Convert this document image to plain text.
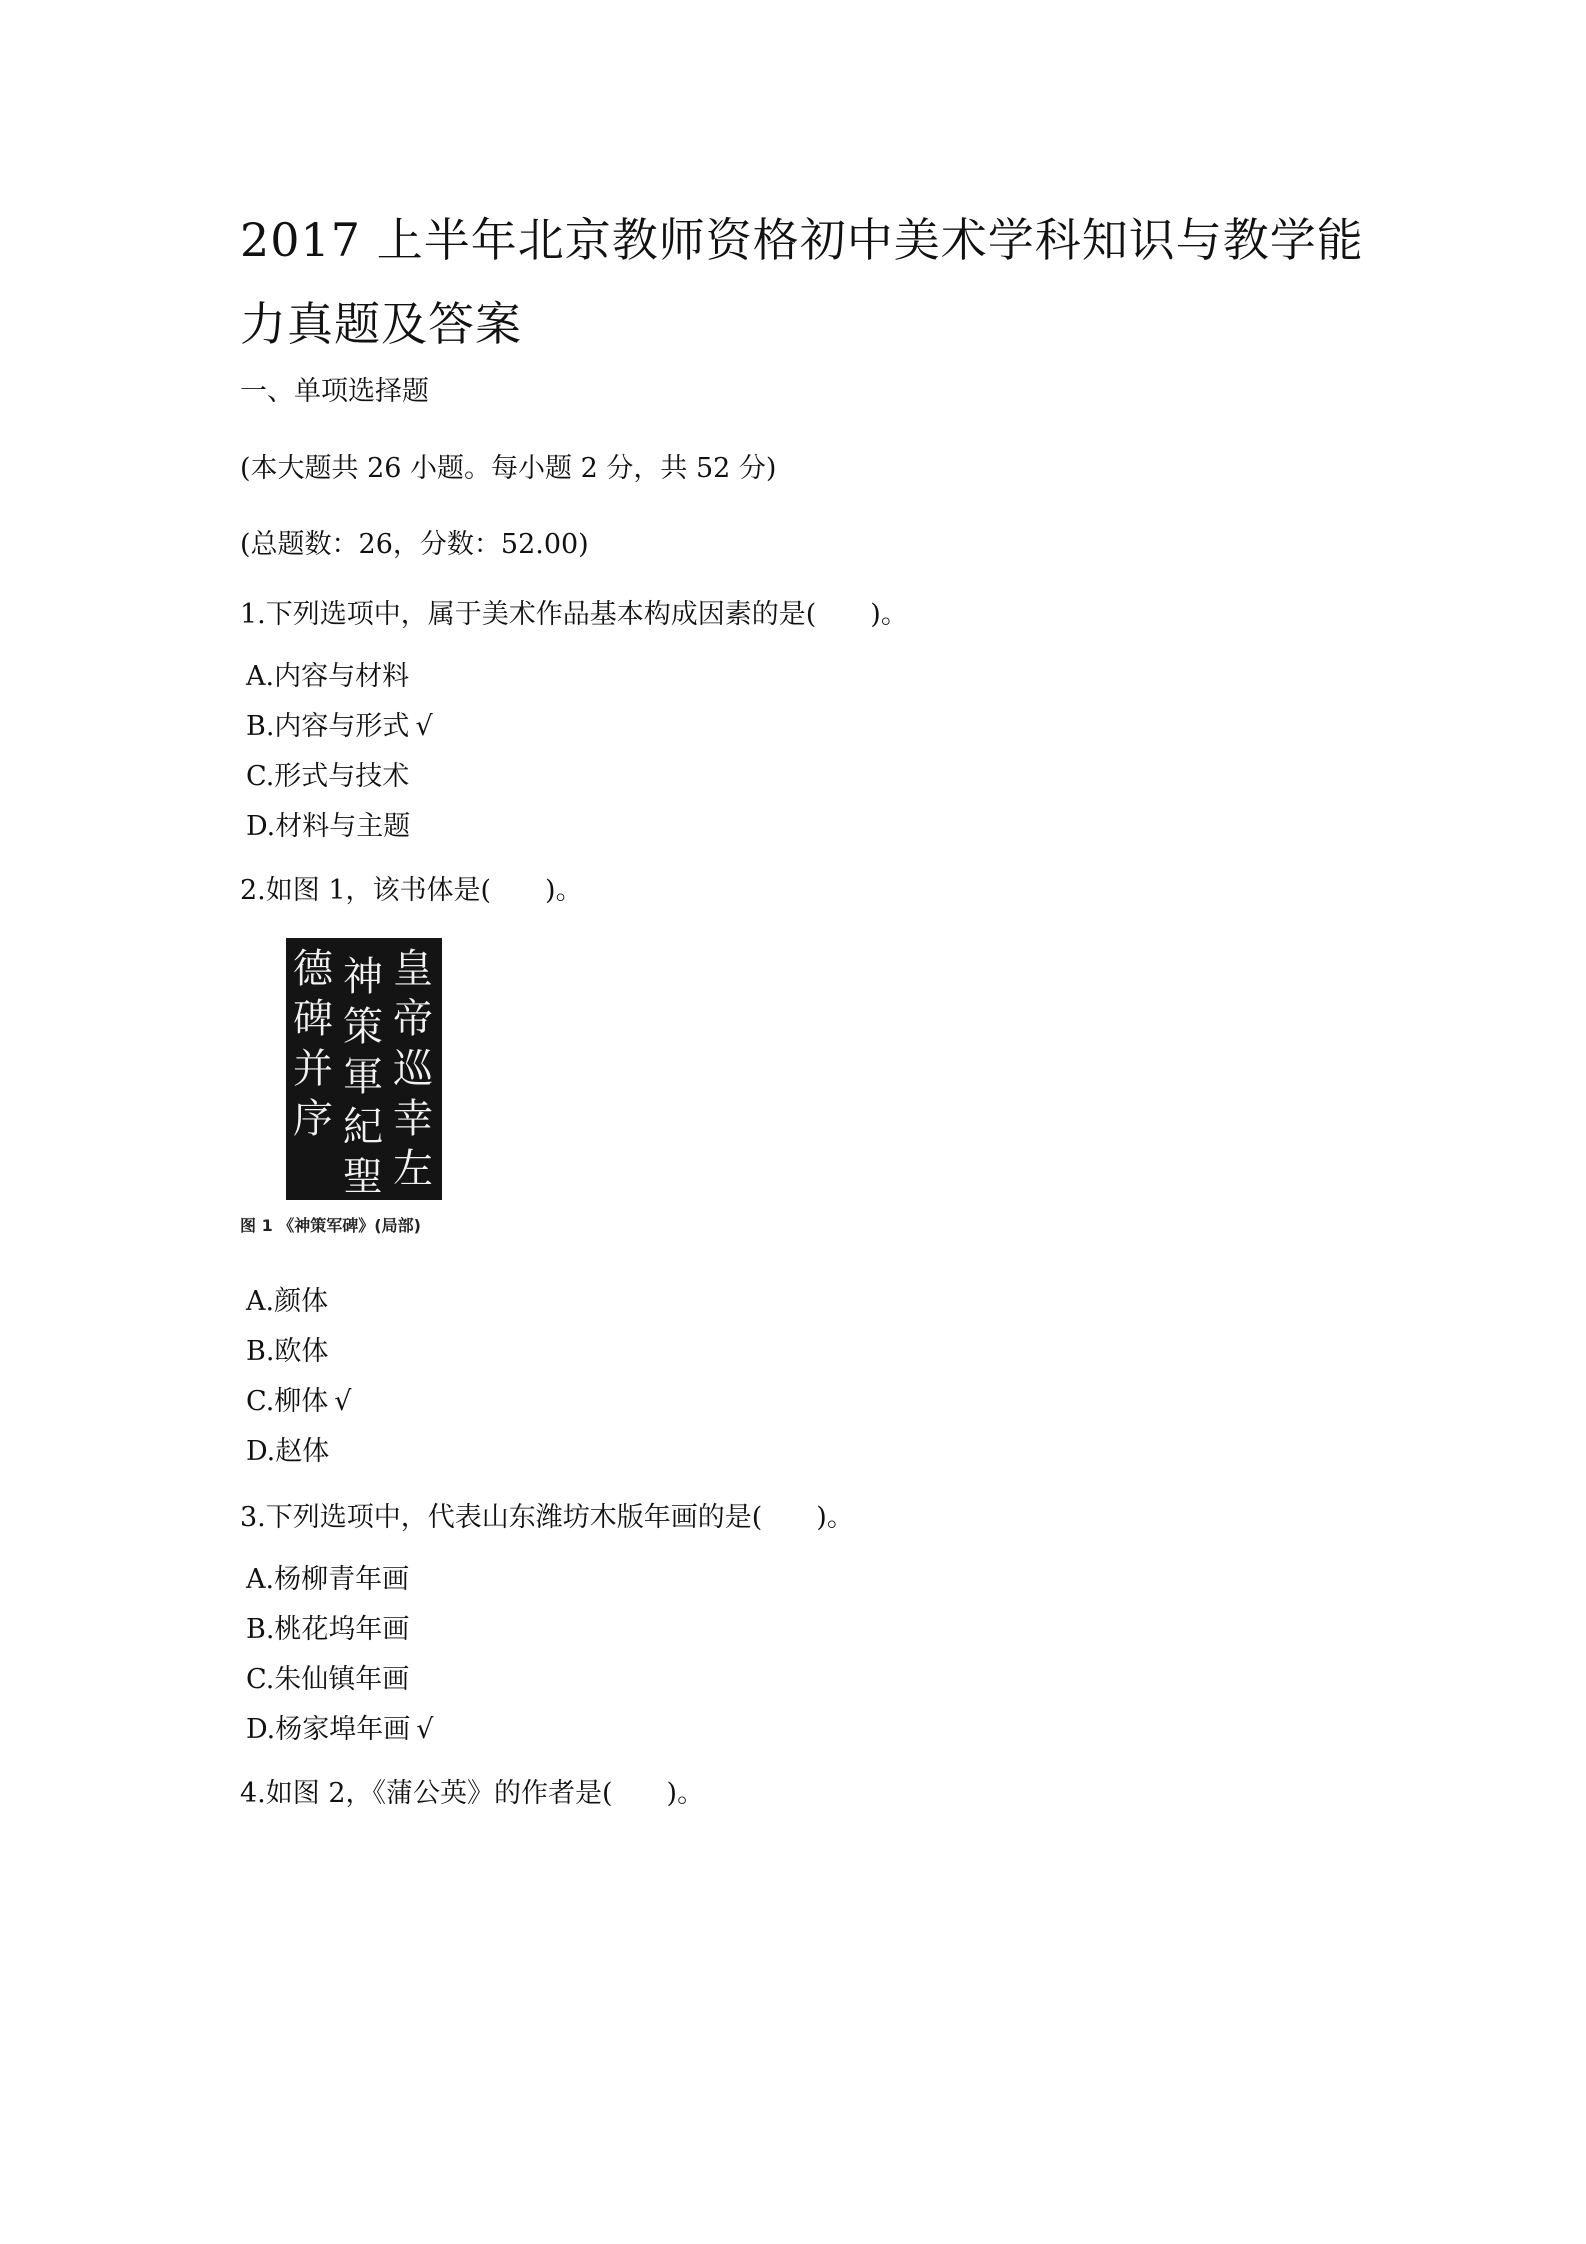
2017 上半年北京教师资格初中美术学科知识与教学能力真题及答案
一、单项选择题
(本大题共 26 小题。每小题 2 分，共 52 分)
(总题数：26，分数：52.00)
1.下列选项中，属于美术作品基本构成因素的是(　　)。
A.内容与材料
B.内容与形式 √
C.形式与技术
D.材料与主题
2.如图 1，该书体是(　　)。
皇
帝
巡
幸
左
神
策
軍
紀
聖
德
碑
并
序
图 1 《神策军碑》(局部)
A.颜体
B.欧体
C.柳体 √
D.赵体
3.下列选项中，代表山东潍坊木版年画的是(　　)。
A.杨柳青年画
B.桃花坞年画
C.朱仙镇年画
D.杨家埠年画 √
4.如图 2，《蒲公英》的作者是(　　)。
